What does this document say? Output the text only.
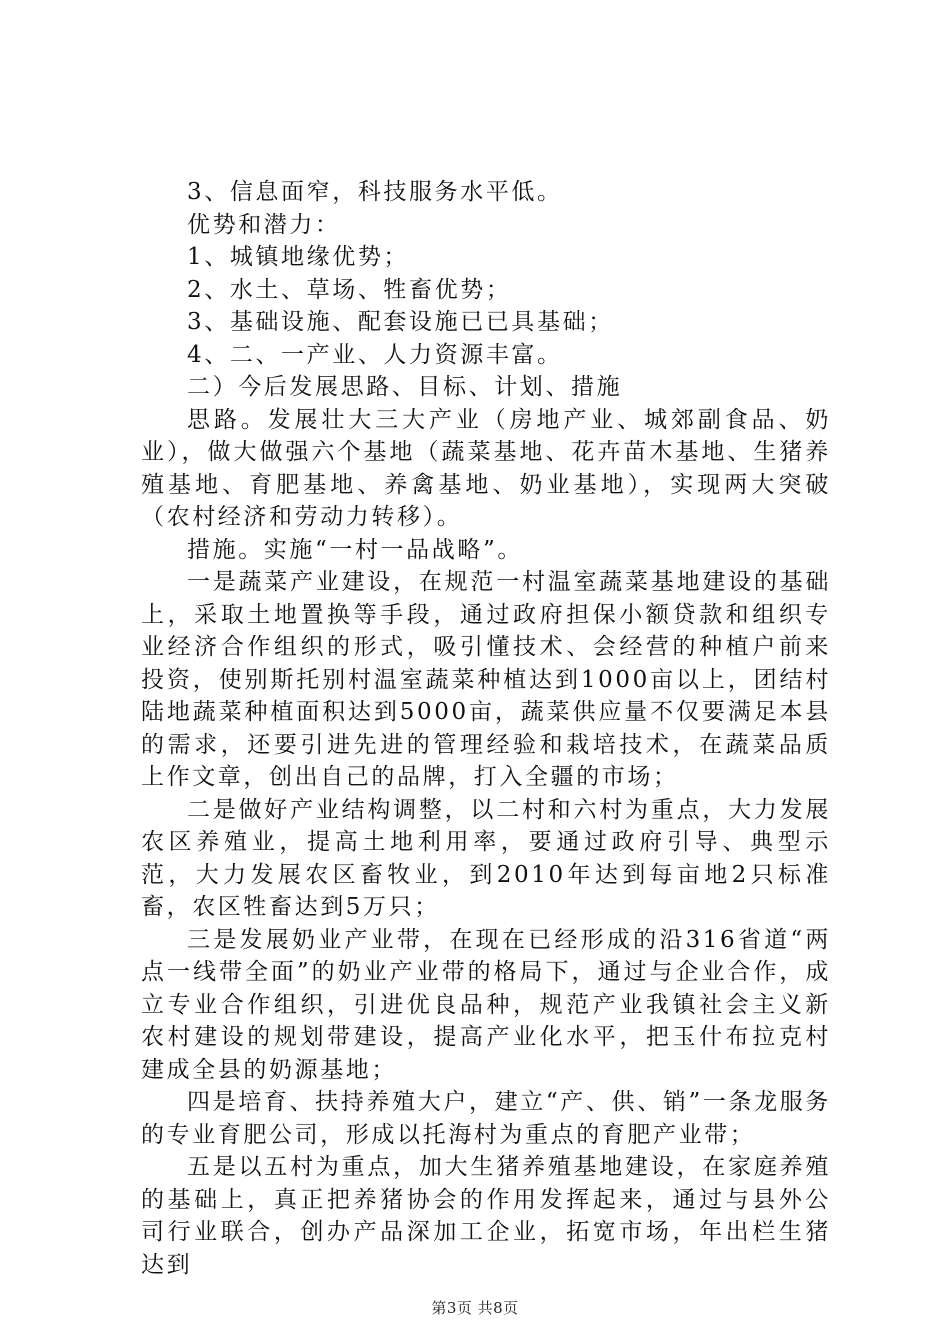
3、信息面窄，科技服务水平低。
优势和潜力：
1、城镇地缘优势；
2、水土、草场、牲畜优势；
3、基础设施、配套设施已已具基础；
4、二、一产业、人力资源丰富。
二）今后发展思路、目标、计划、措施
思路。发展壮大三大产业（房地产业、城郊副食品、奶业），做大做强六个基地（蔬菜基地、花卉苗木基地、生猪养殖基地、育肥基地、养禽基地、奶业基地），实现两大突破（农村经济和劳动力转移）。
措施。实施“一村一品战略”。
一是蔬菜产业建设，在规范一村温室蔬菜基地建设的基础上，采取土地置换等手段，通过政府担保小额贷款和组织专业经济合作组织的形式，吸引懂技术、会经营的种植户前来投资，使别斯托别村温室蔬菜种植达到1000亩以上，团结村陆地蔬菜种植面积达到5000亩，蔬菜供应量不仅要满足本县的需求，还要引进先进的管理经验和栽培技术，在蔬菜品质上作文章，创出自己的品牌，打入全疆的市场；
二是做好产业结构调整，以二村和六村为重点，大力发展农区养殖业，提高土地利用率，要通过政府引导、典型示范，大力发展农区畜牧业，到2010年达到每亩地2只标准畜，农区牲畜达到5万只；
三是发展奶业产业带，在现在已经形成的沿316省道“两点一线带全面”的奶业产业带的格局下，通过与企业合作，成立专业合作组织，引进优良品种，规范产业我镇社会主义新农村建设的规划带建设，提高产业化水平，把玉什布拉克村建成全县的奶源基地；
四是培育、扶持养殖大户，建立“产、供、销”一条龙服务的专业育肥公司，形成以托海村为重点的育肥产业带；
五是以五村为重点，加大生猪养殖基地建设，在家庭养殖的基础上，真正把养猪协会的作用发挥起来，通过与县外公司行业联合，创办产品深加工企业，拓宽市场，年出栏生猪达到
第3页 共8页
